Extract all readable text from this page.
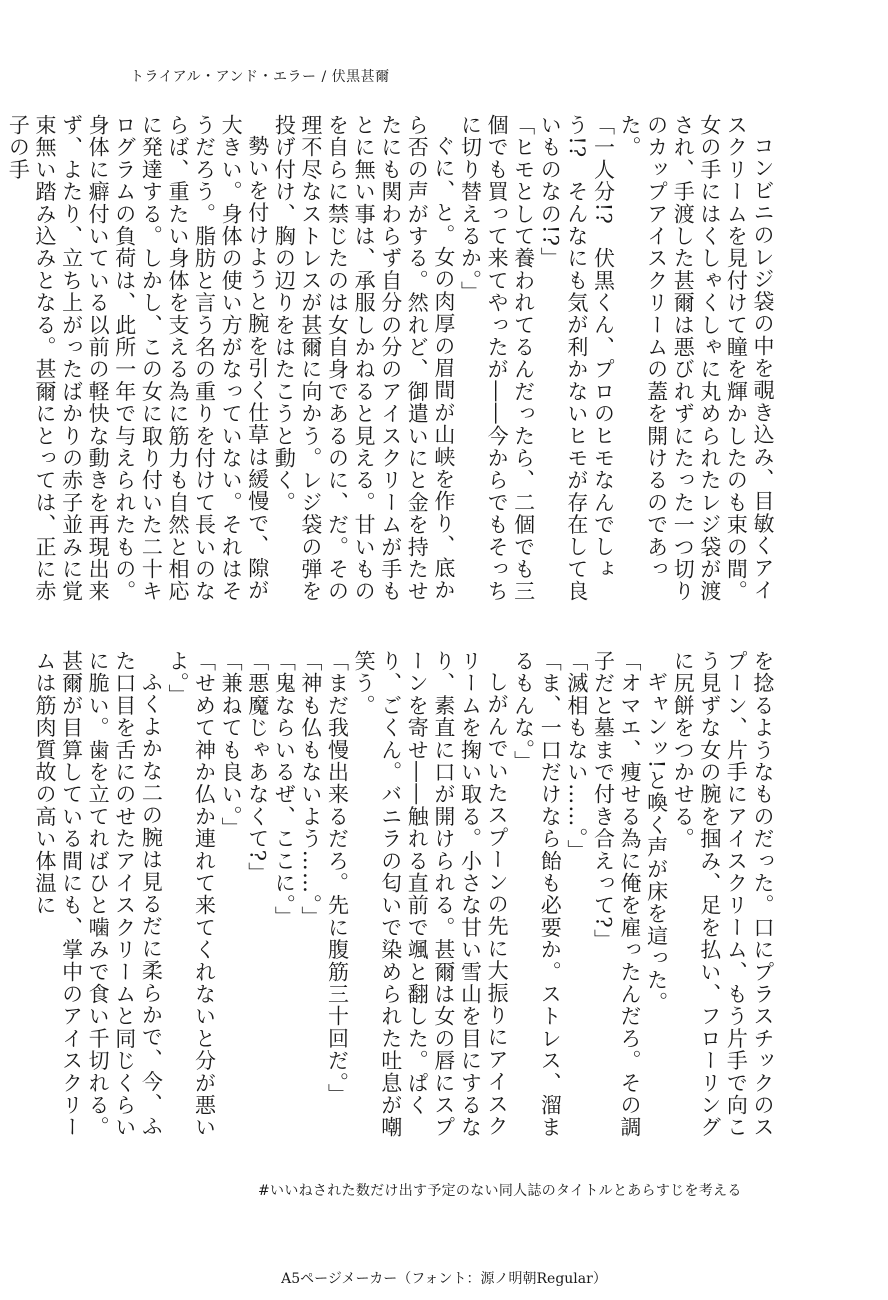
トライアル・アンド・エラー / 伏黒甚爾

コンビニのレジ袋の中を覗き込み、目敏くアイスクリームを見付けて瞳を輝かしたのも束の間。女の手にはくしゃくしゃに丸められたレジ袋が渡され、手渡した甚爾は悪びれずにたった一つ切りのカップアイスクリームの蓋を開けるのであった。

「一人分!?　伏黒くん、プロのヒモなんでしょう!?　そんなにも気が利かないヒモが存在して良いものなの!?」

「ヒモとして養われてるんだったら、二個でも三個でも買って来てやったが――今からでもそっちに切り替えるか。」

ぐに、と。女の肉厚の眉間が山峡を作り、底から否の声がする。然れど、御遣いにと金を持たせたにも関わらず自分の分のアイスクリームが手もとに無い事は、承服しかねると見える。甘いものを自らに禁じたのは女自身であるのに、だ。その理不尽なストレスが甚爾に向かう。レジ袋の弾を投げ付け、胸の辺りをはたこうと動く。

勢いを付けようと腕を引く仕草は緩慢で、隙が大きい。身体の使い方がなっていない。それはそうだろう。脂肪と言う名の重りを付けて長いのならば、重たい身体を支える為に筋力も自然と相応に発達する。しかし、この女に取り付いた二十キログラムの負荷は、此所一年で与えられたもの。身体に癖付いている以前の軽快な動きを再現出来ず、よたり、立ち上がったばかりの赤子並みに覚束無い踏み込みとなる。甚爾にとっては、正に赤子の手

を捻るようなものだった。口にプラスチックのスプーン、片手にアイスクリーム、もう片手で向こう見ずな女の腕を掴み、足を払い、フローリングに尻餅をつかせる。

ギャンッ!と喚く声が床を這った。

「オマエ、痩せる為に俺を雇ったんだろ。その調子だと墓まで付き合えって?」

「滅相もない……。」

「ま、一口だけなら飴も必要か。ストレス、溜まるもんな。」

しがんでいたスプーンの先に大振りにアイスクリームを掬い取る。小さな甘い雪山を目にするなり、素直に口が開けられる。甚爾は女の唇にスプーンを寄せ――触れる直前で颯と翻した。ぱくり、ごくん。バニラの匂いで染められた吐息が嘲笑う。

「まだ我慢出来るだろ。先に腹筋三十回だ。」

「神も仏もないよう……。」

「鬼ならいるぜ、ここに。」

「悪魔じゃあなくて?」

「兼ねても良い。」

「せめて神か仏か連れて来てくれないと分が悪いよ。」

ふくよかな二の腕は見るだに柔らかで、今、ふた口目を舌にのせたアイスクリームと同じくらいに脆い。歯を立てればひと噛みで食い千切れる。甚爾が目算している間にも、掌中のアイスクリームは筋肉質故の高い体温に

#いいねされた数だけ出す予定のない同人誌のタイトルとあらすじを考える
A5ページメーカー（フォント：源ノ明朝Regular）
